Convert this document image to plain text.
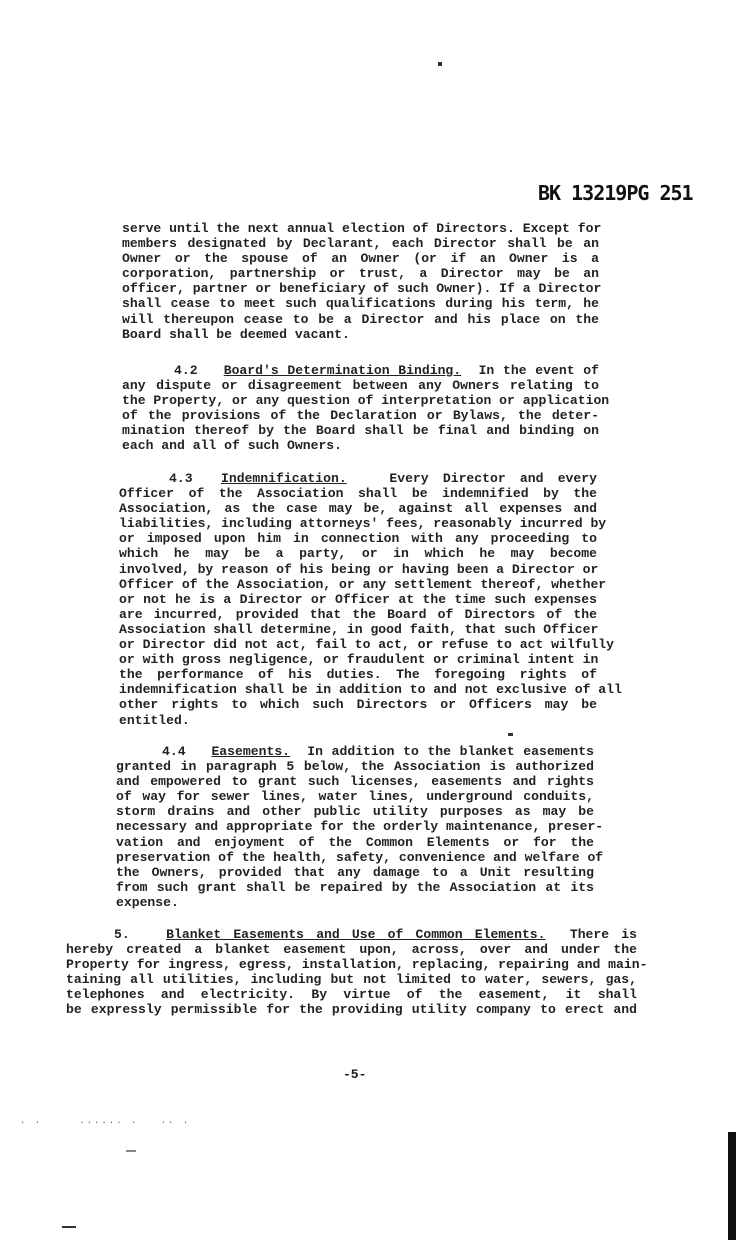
BK 13219PG 251
serve until the next annual election of Directors. Except for
members designated by Declarant, each Director shall be an
Owner or the spouse of an Owner (or if an Owner is a
corporation, partnership or trust, a Director may be an
officer, partner or beneficiary of such Owner). If a Director
shall cease to meet such qualifications during his term, he
will thereupon cease to be a Director and his place on the
Board shall be deemed vacant.
4.2 Board's Determination Binding. In the event of
any dispute or disagreement between any Owners relating to
the Property, or any question of interpretation or application
of the provisions of the Declaration or Bylaws, the deter-
mination thereof by the Board shall be final and binding on
each and all of such Owners.
4.3 Indemnification.	Every Director and every
Officer of the Association shall be indemnified by the
Association, as the case may be, against all expenses and
liabilities, including attorneys' fees, reasonably incurred by
or imposed upon him in connection with any proceeding to
which he may be a party, or in which he may become
involved, by reason of his being or having been a Director or
Officer of the Association, or any settlement thereof, whether
or not he is a Director or Officer at the time such expenses
are incurred, provided that the Board of Directors of the
Association shall determine, in good faith, that such Officer
or Director did not act, fail to act, or refuse to act wilfully
or with gross negligence, or fraudulent or criminal intent in
the performance of his duties. The foregoing rights of
indemnification shall be in addition to and not exclusive of all
other rights to which such Directors or Officers may be
entitled.
4.4 Easements. In addition to the blanket easements
granted in paragraph 5 below, the Association is authorized
and empowered to grant such licenses, easements and rights
of way for sewer lines, water lines, underground conduits,
storm drains and other public utility purposes as may be
necessary and appropriate for the orderly maintenance, preser-
vation and enjoyment of the Common Elements or for the
preservation of the health, safety, convenience and welfare of
the Owners, provided that any damage to a Unit resulting
from such grant shall be repaired by the Association at its
expense.
5.	Blanket Easements and Use of Common Elements. There is
hereby created a blanket easement upon, across, over and under the
Property for ingress, egress, installation, replacing, repairing and main-
taining all utilities, including but not limited to water, sewers, gas,
telephones and electricity. By virtue of the easement, it shall
be expressly permissible for the providing utility company to erect and
-5-
· ·     ······ ·   ·· ·
